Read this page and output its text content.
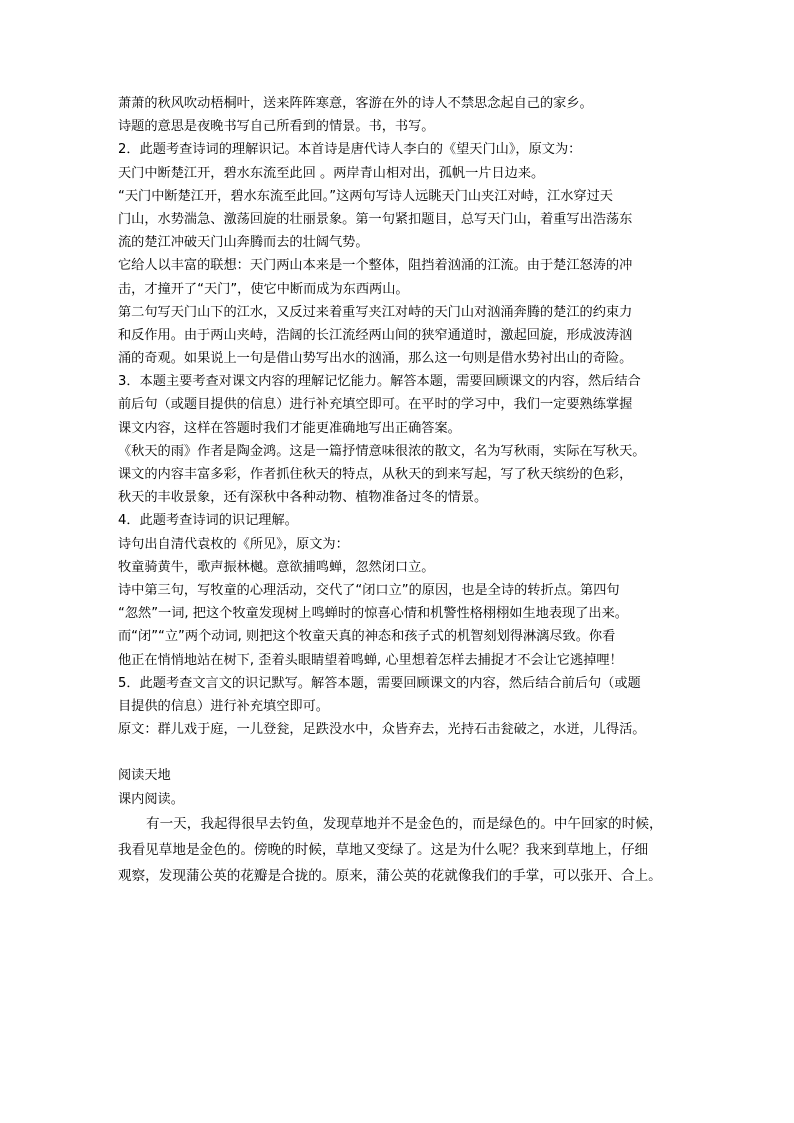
萧萧的秋风吹动梧桐叶，送来阵阵寒意，客游在外的诗人不禁思念起自己的家乡。

诗题的意思是夜晚书写自己所看到的情景。书，书写。

2．此题考查诗词的理解识记。本首诗是唐代诗人李白的《望天门山》，原文为：

天门中断楚江开，碧水东流至此回 。两岸青山相对出，孤帆一片日边来。

“天门中断楚江开，碧水东流至此回。”这两句写诗人远眺天门山夹江对峙，江水穿过天

门山，水势湍急、激荡回旋的壮丽景象。第一句紧扣题目，总写天门山，着重写出浩荡东

流的楚江冲破天门山奔腾而去的壮阔气势。

它给人以丰富的联想：天门两山本来是一个整体，阻挡着汹涌的江流。由于楚江怒涛的冲

击，才撞开了“天门”，使它中断而成为东西两山。

第二句写天门山下的江水，又反过来着重写夹江对峙的天门山对汹涌奔腾的楚江的约束力

和反作用。由于两山夹峙，浩阔的长江流经两山间的狭窄通道时，激起回旋，形成波涛汹

涌的奇观。如果说上一句是借山势写出水的汹涌，那么这一句则是借水势衬出山的奇险。

3．本题主要考查对课文内容的理解记忆能力。解答本题，需要回顾课文的内容，然后结合

前后句（或题目提供的信息）进行补充填空即可。在平时的学习中，我们一定要熟练掌握

课文内容，这样在答题时我们才能更准确地写出正确答案。

《秋天的雨》作者是陶金鸿。这是一篇抒情意味很浓的散文，名为写秋雨，实际在写秋天。

课文的内容丰富多彩，作者抓住秋天的特点，从秋天的到来写起，写了秋天缤纷的色彩，

秋天的丰收景象，还有深秋中各种动物、植物准备过冬的情景。

4．此题考查诗词的识记理解。

诗句出自清代袁枚的《所见》，原文为：

牧童骑黄牛，歌声振林樾。意欲捕鸣蝉，忽然闭口立。

诗中第三句，写牧童的心理活动，交代了“闭口立”的原因，也是全诗的转折点。第四句

“忽然”一词, 把这个牧童发现树上鸣蝉时的惊喜心情和机警性格栩栩如生地表现了出来。

而“闭”“立”两个动词, 则把这个牧童天真的神态和孩子式的机智刻划得淋漓尽致。你看

他正在悄悄地站在树下, 歪着头眼睛望着鸣蝉, 心里想着怎样去捕捉才不会让它逃掉哩！

5．此题考查文言文的识记默写。解答本题，需要回顾课文的内容，然后结合前后句（或题

目提供的信息）进行补充填空即可。

原文：群儿戏于庭，一儿登瓮，足跌没水中，众皆弃去，光持石击瓮破之，水迸，儿得活。

阅读天地

课内阅读。

有一天，我起得很早去钓鱼，发现草地并不是金色的，而是绿色的。中午回家的时候，

我看见草地是金色的。傍晚的时候，草地又变绿了。这是为什么呢？我来到草地上，仔细

观察，发现蒲公英的花瓣是合拢的。原来，蒲公英的花就像我们的手掌，可以张开、合上。
